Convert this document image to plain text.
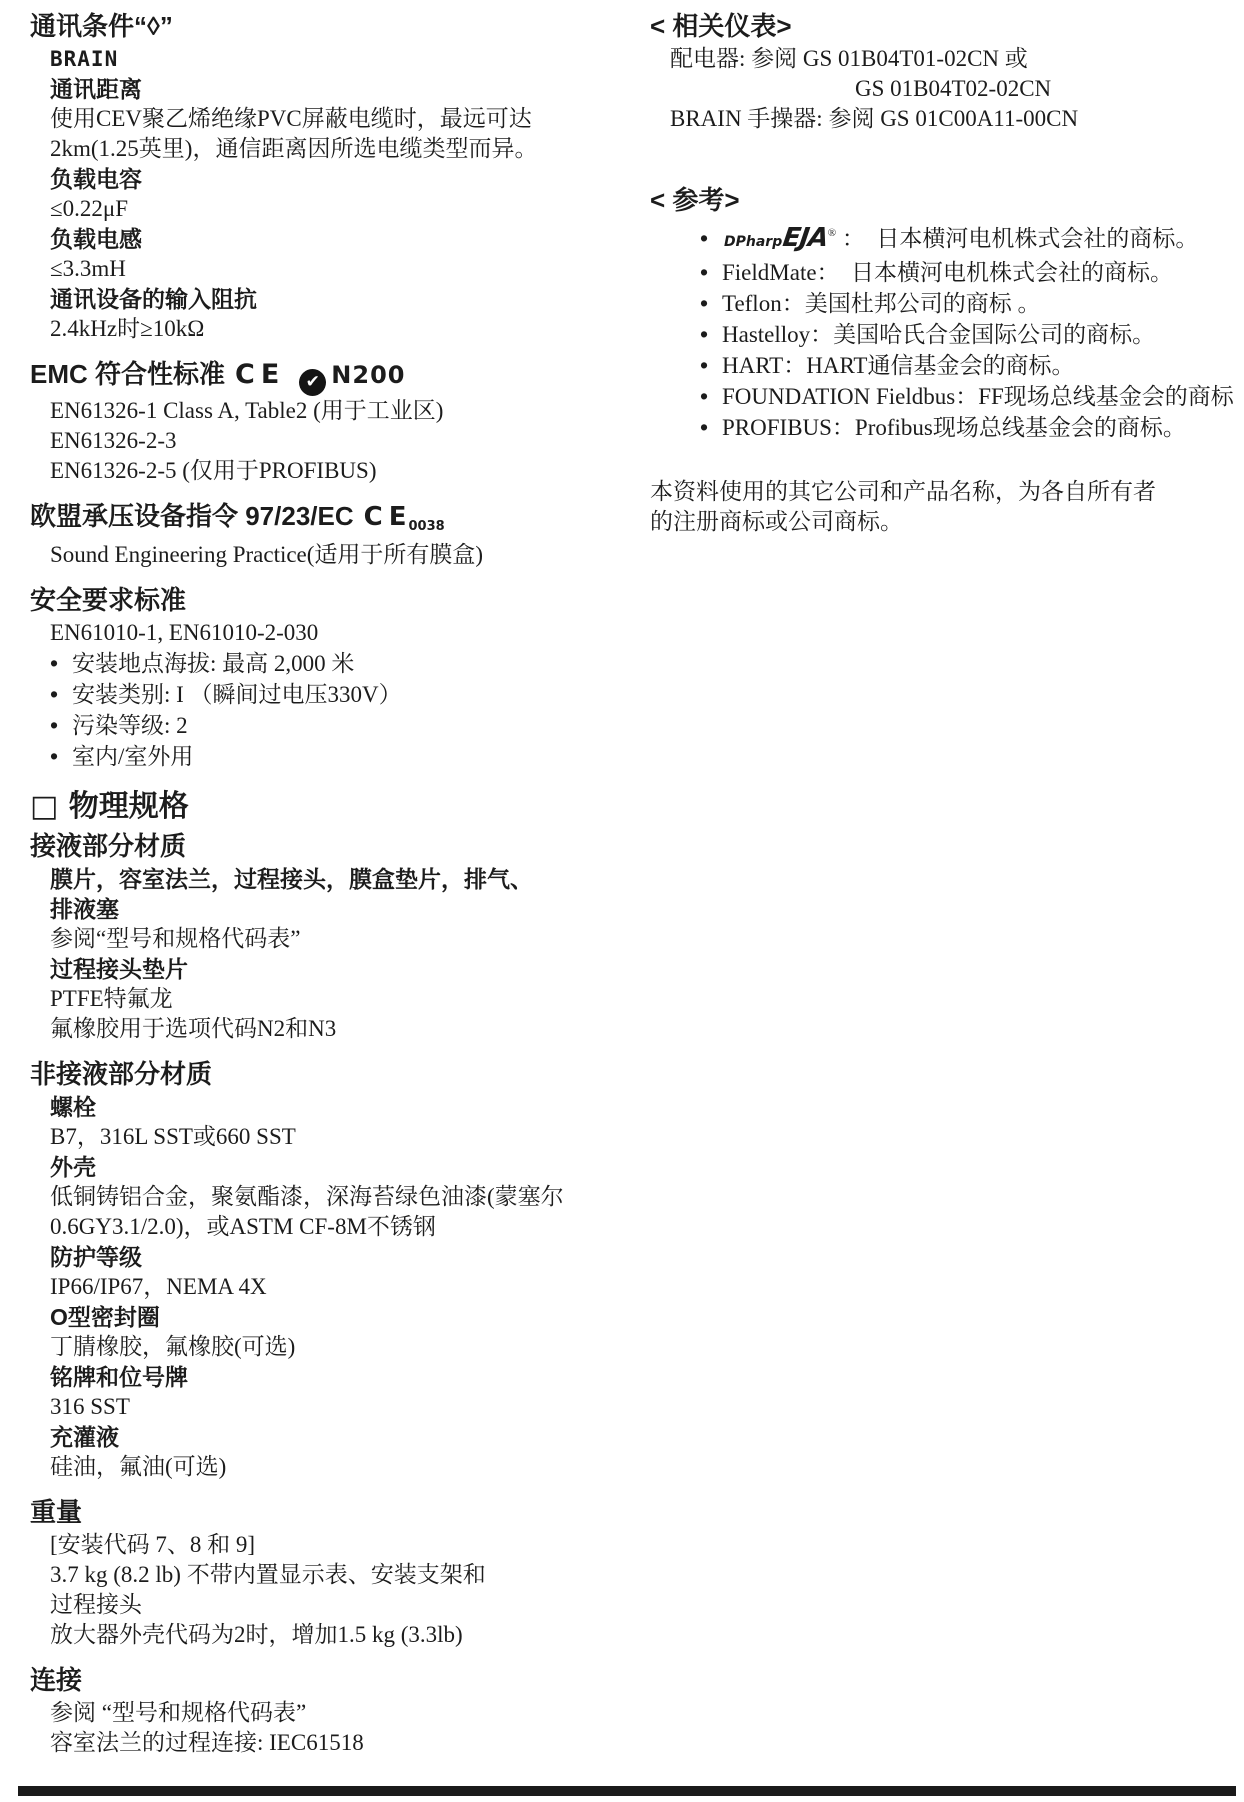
通讯条件“◊”
BRAIN
通讯距离
使用CEV聚乙烯绝缘PVC屏蔽电缆时，最远可达
2km(1.25英里)，通信距离因所选电缆类型而异。
负载电容
≤0.22μF
负载电感
≤3.3mH
通讯设备的输入阻抗
2.4kHz时≥10kΩ
EMC 符合性标准 CE ✔ N200
EN61326-1 Class A, Table2 (用于工业区)
EN61326-2-3
EN61326-2-5 (仅用于PROFIBUS)
欧盟承压设备指令 97/23/EC CE0038
Sound Engineering Practice(适用于所有膜盒)
安全要求标准
EN61010-1, EN61010-2-030
• 安装地点海拔: 最高 2,000 米
• 安装类别: I （瞬间过电压330V）
• 污染等级: 2
• 室内/室外用
□ 物理规格
接液部分材质
膜片，容室法兰，过程接头，膜盒垫片，排气、
排液塞
参阅“型号和规格代码表”
过程接头垫片
PTFE特氟龙
氟橡胶用于选项代码N2和N3
非接液部分材质
螺栓
B7，316L SST或660 SST
外壳
低铜铸铝合金，聚氨酯漆，深海苔绿色油漆(蒙塞尔
0.6GY3.1/2.0)，或ASTM CF-8M不锈钢
防护等级
IP66/IP67，NEMA 4X
O型密封圈
丁腈橡胶，氟橡胶(可选)
铭牌和位号牌
316 SST
充灌液
硅油，氟油(可选)
重量
[安装代码 7、8 和 9]
3.7 kg (8.2 lb) 不带内置显示表、安装支架和
过程接头
放大器外壳代码为2时，增加1.5 kg (3.3lb)
连接
参阅 “型号和规格代码表”
容室法兰的过程连接: IEC61518
< 相关仪表>
配电器: 参阅 GS 01B04T01-02CN 或
GS 01B04T02-02CN
BRAIN 手操器: 参阅 GS 01C00A11-00CN
< 参考>
• DPharpEJA® ：　日本横河电机株式会社的商标。
• FieldMate：　日本横河电机株式会社的商标。
• Teflon：美国杜邦公司的商标 。
• Hastelloy：美国哈氏合金国际公司的商标。
• HART：HART通信基金会的商标。
• FOUNDATION Fieldbus：FF现场总线基金会的商标
• PROFIBUS：Profibus现场总线基金会的商标。
本资料使用的其它公司和产品名称，为各自所有者
的注册商标或公司商标。
